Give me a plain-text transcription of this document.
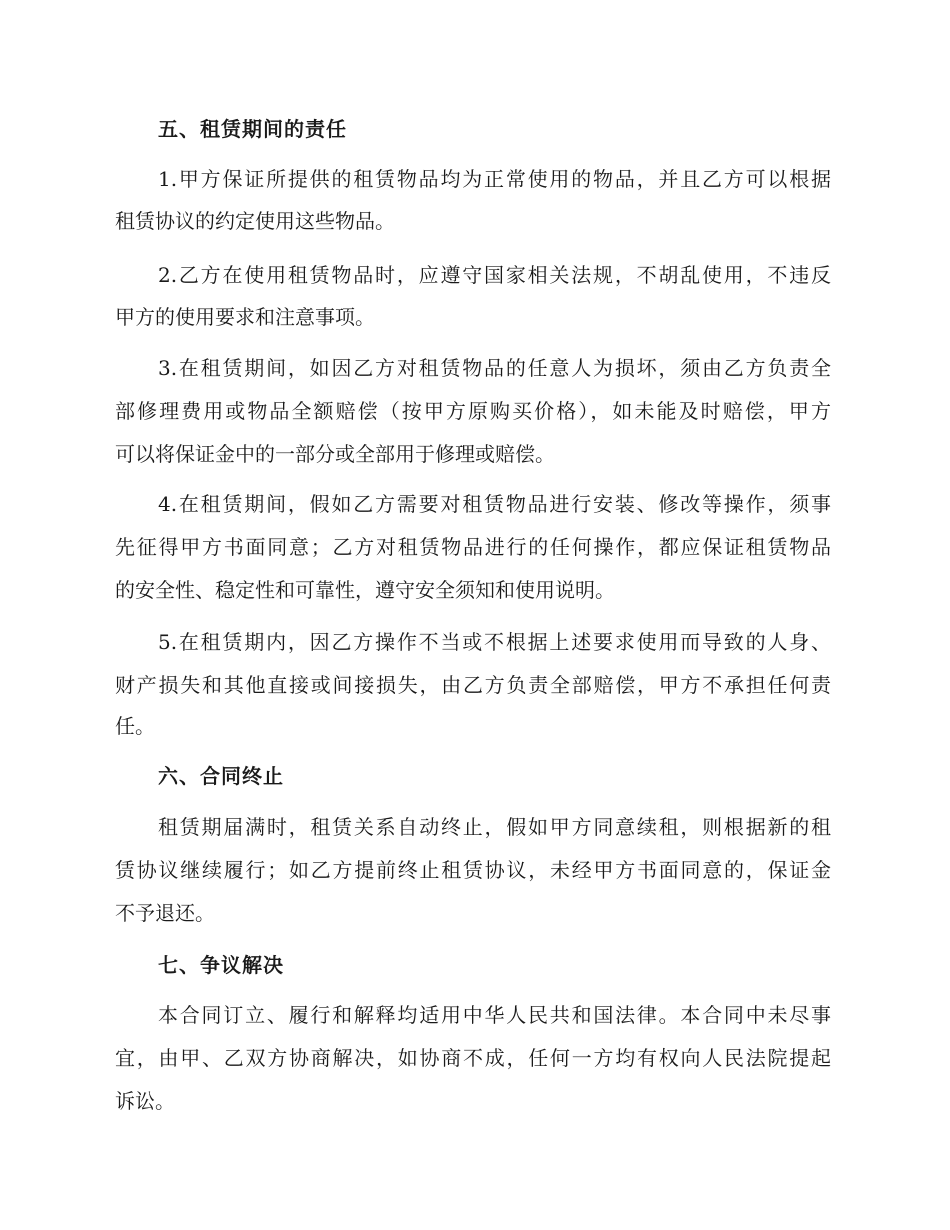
五、租赁期间的责任
1.甲方保证所提供的租赁物品均为正常使用的物品，并且乙方可以根据
租赁协议的约定使用这些物品。
2.乙方在使用租赁物品时，应遵守国家相关法规，不胡乱使用，不违反
甲方的使用要求和注意事项。
3.在租赁期间，如因乙方对租赁物品的任意人为损坏，须由乙方负责全
部修理费用或物品全额赔偿（按甲方原购买价格），如未能及时赔偿，甲方
可以将保证金中的一部分或全部用于修理或赔偿。
4.在租赁期间，假如乙方需要对租赁物品进行安装、修改等操作，须事
先征得甲方书面同意；乙方对租赁物品进行的任何操作，都应保证租赁物品
的安全性、稳定性和可靠性，遵守安全须知和使用说明。
5.在租赁期内，因乙方操作不当或不根据上述要求使用而导致的人身、
财产损失和其他直接或间接损失，由乙方负责全部赔偿，甲方不承担任何责
任。
六、合同终止
租赁期届满时，租赁关系自动终止，假如甲方同意续租，则根据新的租
赁协议继续履行；如乙方提前终止租赁协议，未经甲方书面同意的，保证金
不予退还。
七、争议解决
本合同订立、履行和解释均适用中华人民共和国法律。本合同中未尽事
宜，由甲、乙双方协商解决，如协商不成，任何一方均有权向人民法院提起
诉讼。
